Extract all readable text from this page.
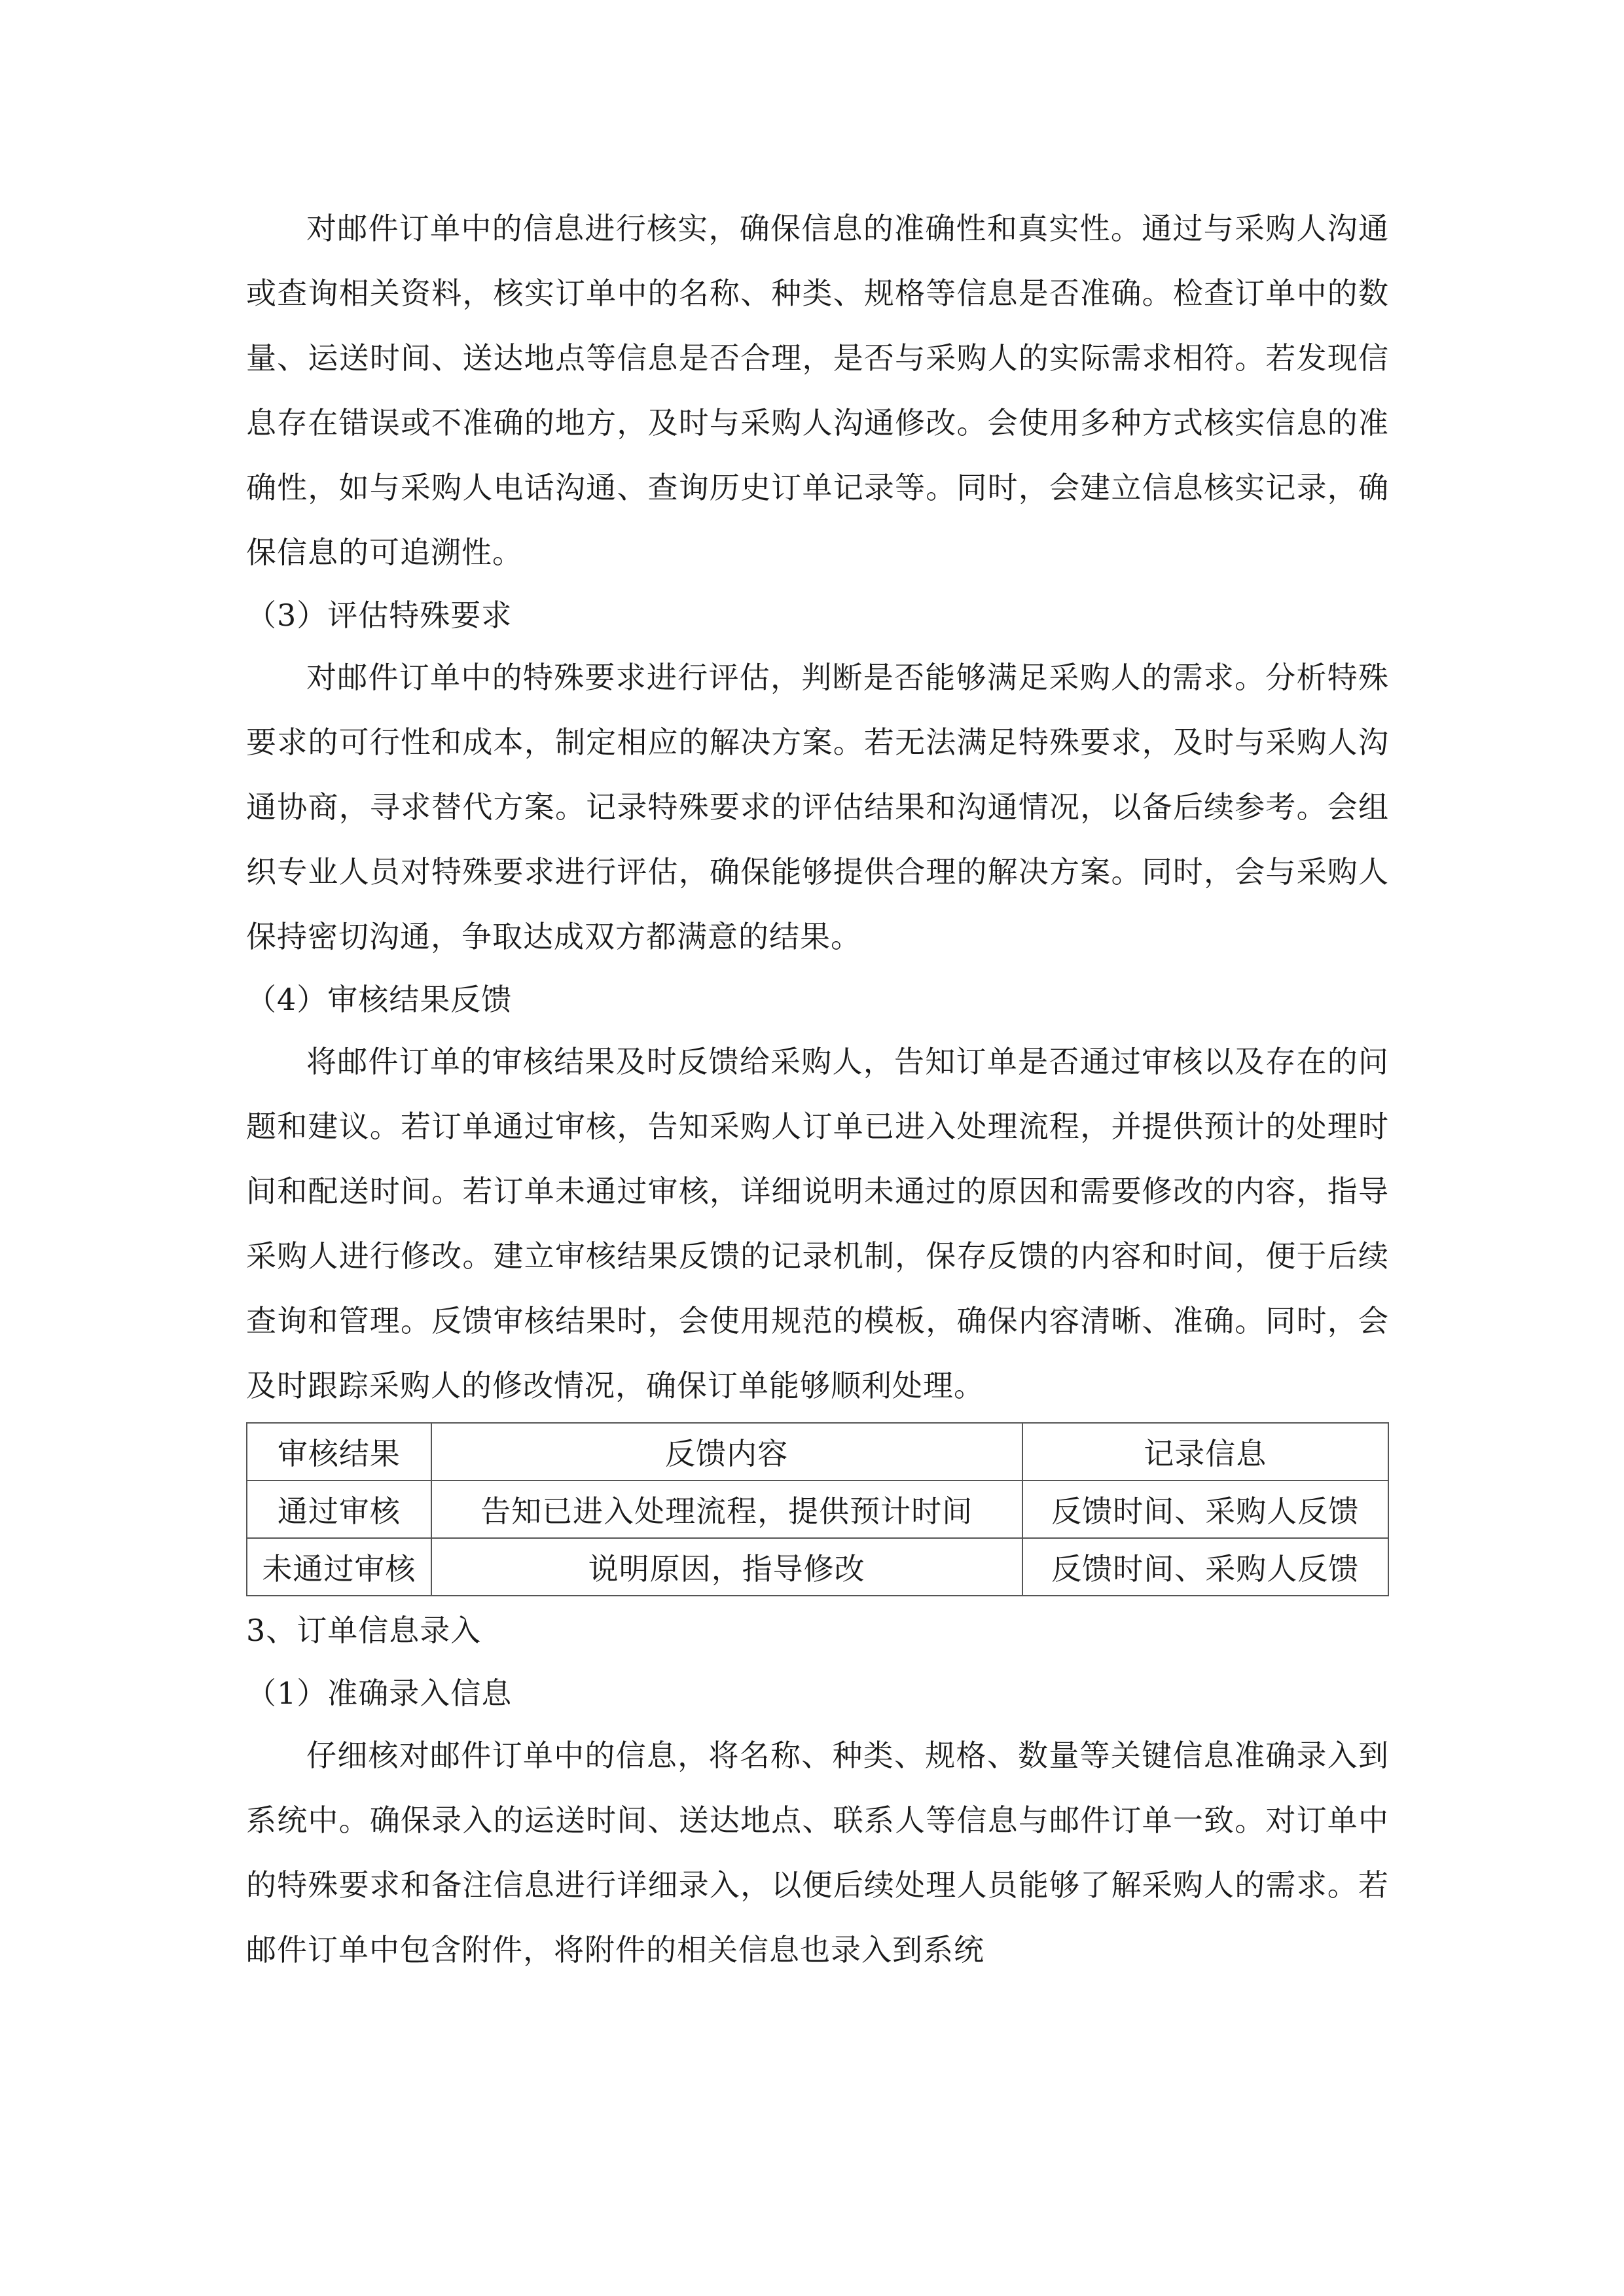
对邮件订单中的信息进行核实，确保信息的准确性和真实性。通过与采购人沟通或查询相关资料，核实订单中的名称、种类、规格等信息是否准确。检查订单中的数量、运送时间、送达地点等信息是否合理，是否与采购人的实际需求相符。若发现信息存在错误或不准确的地方，及时与采购人沟通修改。会使用多种方式核实信息的准确性，如与采购人电话沟通、查询历史订单记录等。同时，会建立信息核实记录，确保信息的可追溯性。

（3）评估特殊要求

对邮件订单中的特殊要求进行评估，判断是否能够满足采购人的需求。分析特殊要求的可行性和成本，制定相应的解决方案。若无法满足特殊要求，及时与采购人沟通协商，寻求替代方案。记录特殊要求的评估结果和沟通情况，以备后续参考。会组织专业人员对特殊要求进行评估，确保能够提供合理的解决方案。同时，会与采购人保持密切沟通，争取达成双方都满意的结果。

（4）审核结果反馈

将邮件订单的审核结果及时反馈给采购人，告知订单是否通过审核以及存在的问题和建议。若订单通过审核，告知采购人订单已进入处理流程，并提供预计的处理时间和配送时间。若订单未通过审核，详细说明未通过的原因和需要修改的内容，指导采购人进行修改。建立审核结果反馈的记录机制，保存反馈的内容和时间，便于后续查询和管理。反馈审核结果时，会使用规范的模板，确保内容清晰、准确。同时，会及时跟踪采购人的修改情况，确保订单能够顺利处理。

审核结果	反馈内容	记录信息
通过审核	告知已进入处理流程，提供预计时间	反馈时间、采购人反馈
未通过审核	说明原因，指导修改	反馈时间、采购人反馈

3、订单信息录入

（1）准确录入信息

仔细核对邮件订单中的信息，将名称、种类、规格、数量等关键信息准确录入到系统中。确保录入的运送时间、送达地点、联系人等信息与邮件订单一致。对订单中的特殊要求和备注信息进行详细录入，以便后续处理人员能够了解采购人的需求。若邮件订单中包含附件，将附件的相关信息也录入到系统
